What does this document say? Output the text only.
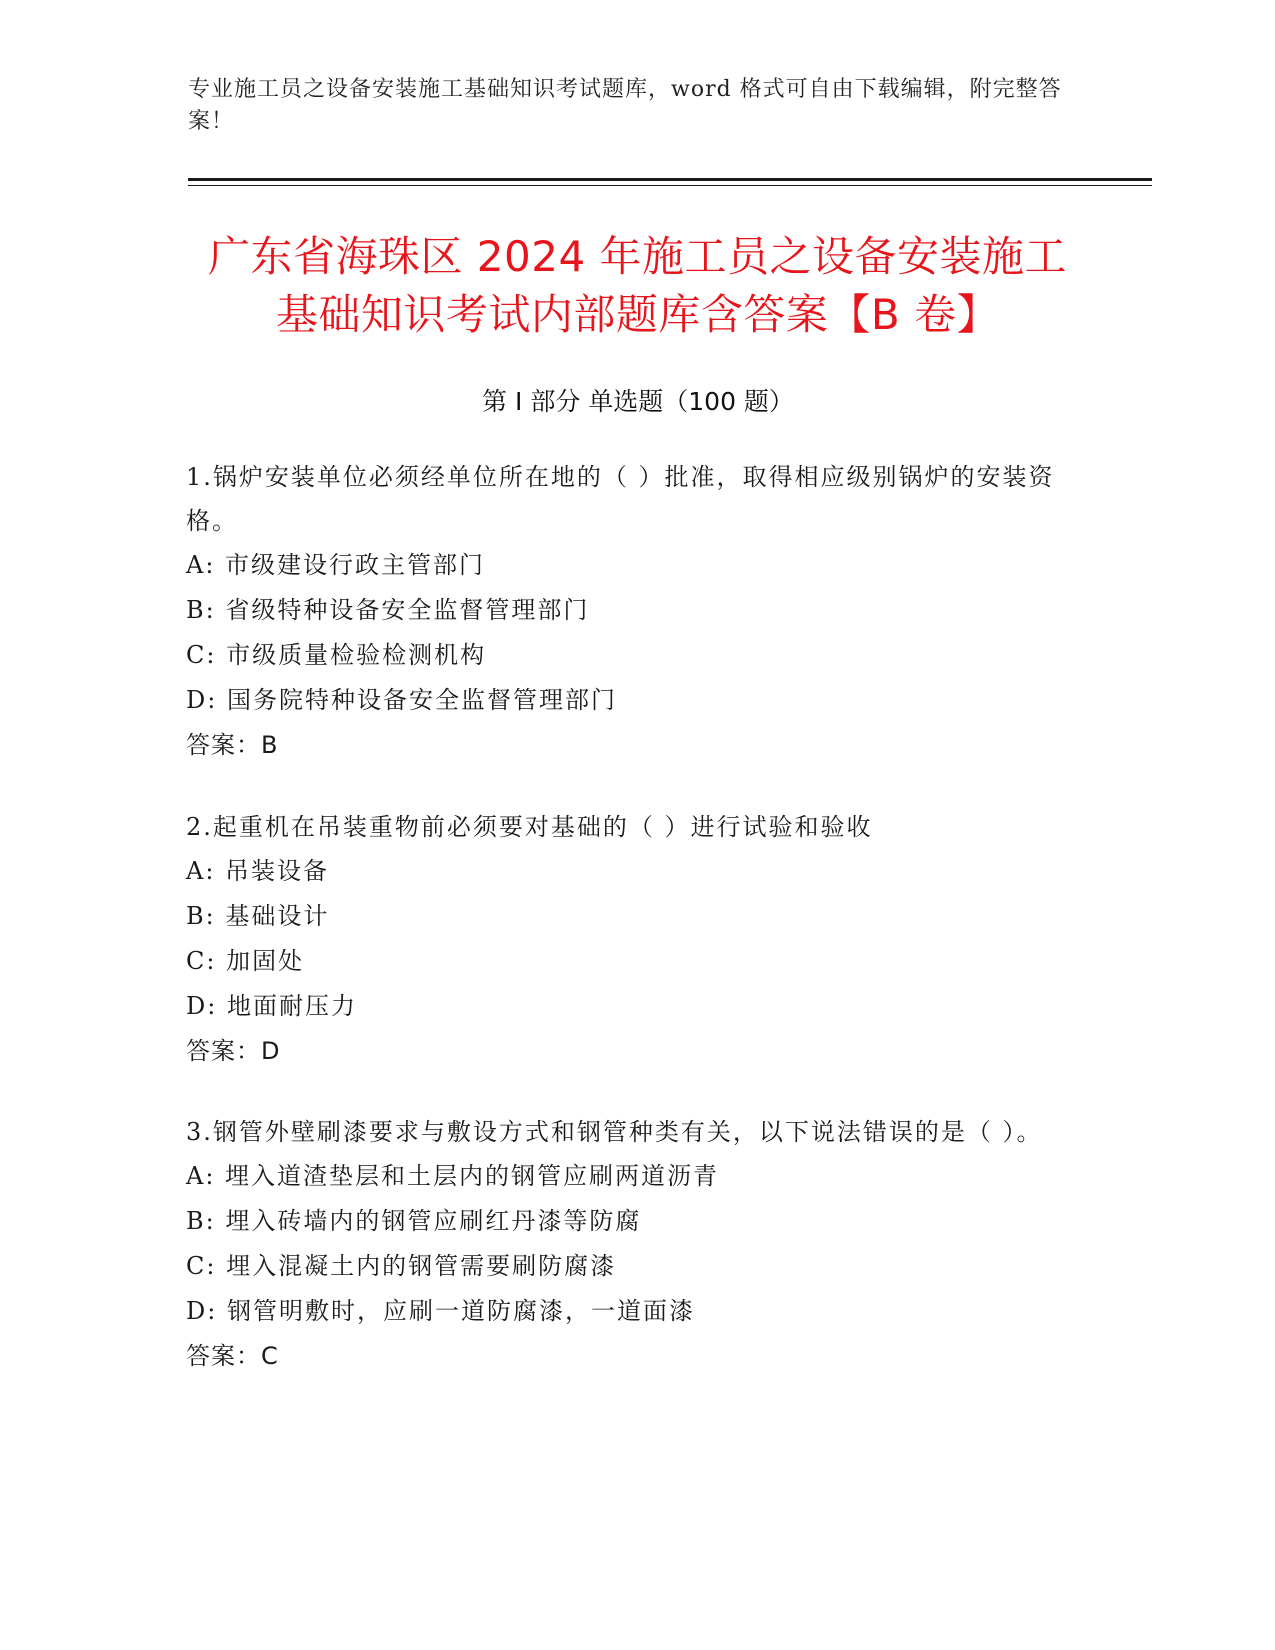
专业施工员之设备安装施工基础知识考试题库，word 格式可自由下载编辑，附完整答案！
广东省海珠区 2024 年施工员之设备安装施工
基础知识考试内部题库含答案【B 卷】
第 I 部分 单选题（100 题）

1.锅炉安装单位必须经单位所在地的（ ）批准，取得相应级别锅炉的安装资格。

A: 市级建设行政主管部门

B: 省级特种设备安全监督管理部门

C: 市级质量检验检测机构

D: 国务院特种设备安全监督管理部门

答案：B

2.起重机在吊装重物前必须要对基础的（ ）进行试验和验收

A: 吊装设备

B: 基础设计

C: 加固处

D: 地面耐压力

答案：D

3.钢管外壁刷漆要求与敷设方式和钢管种类有关，以下说法错误的是（ ）。

A: 埋入道渣垫层和土层内的钢管应刷两道沥青

B: 埋入砖墙内的钢管应刷红丹漆等防腐

C: 埋入混凝土内的钢管需要刷防腐漆

D: 钢管明敷时，应刷一道防腐漆，一道面漆

答案：C
